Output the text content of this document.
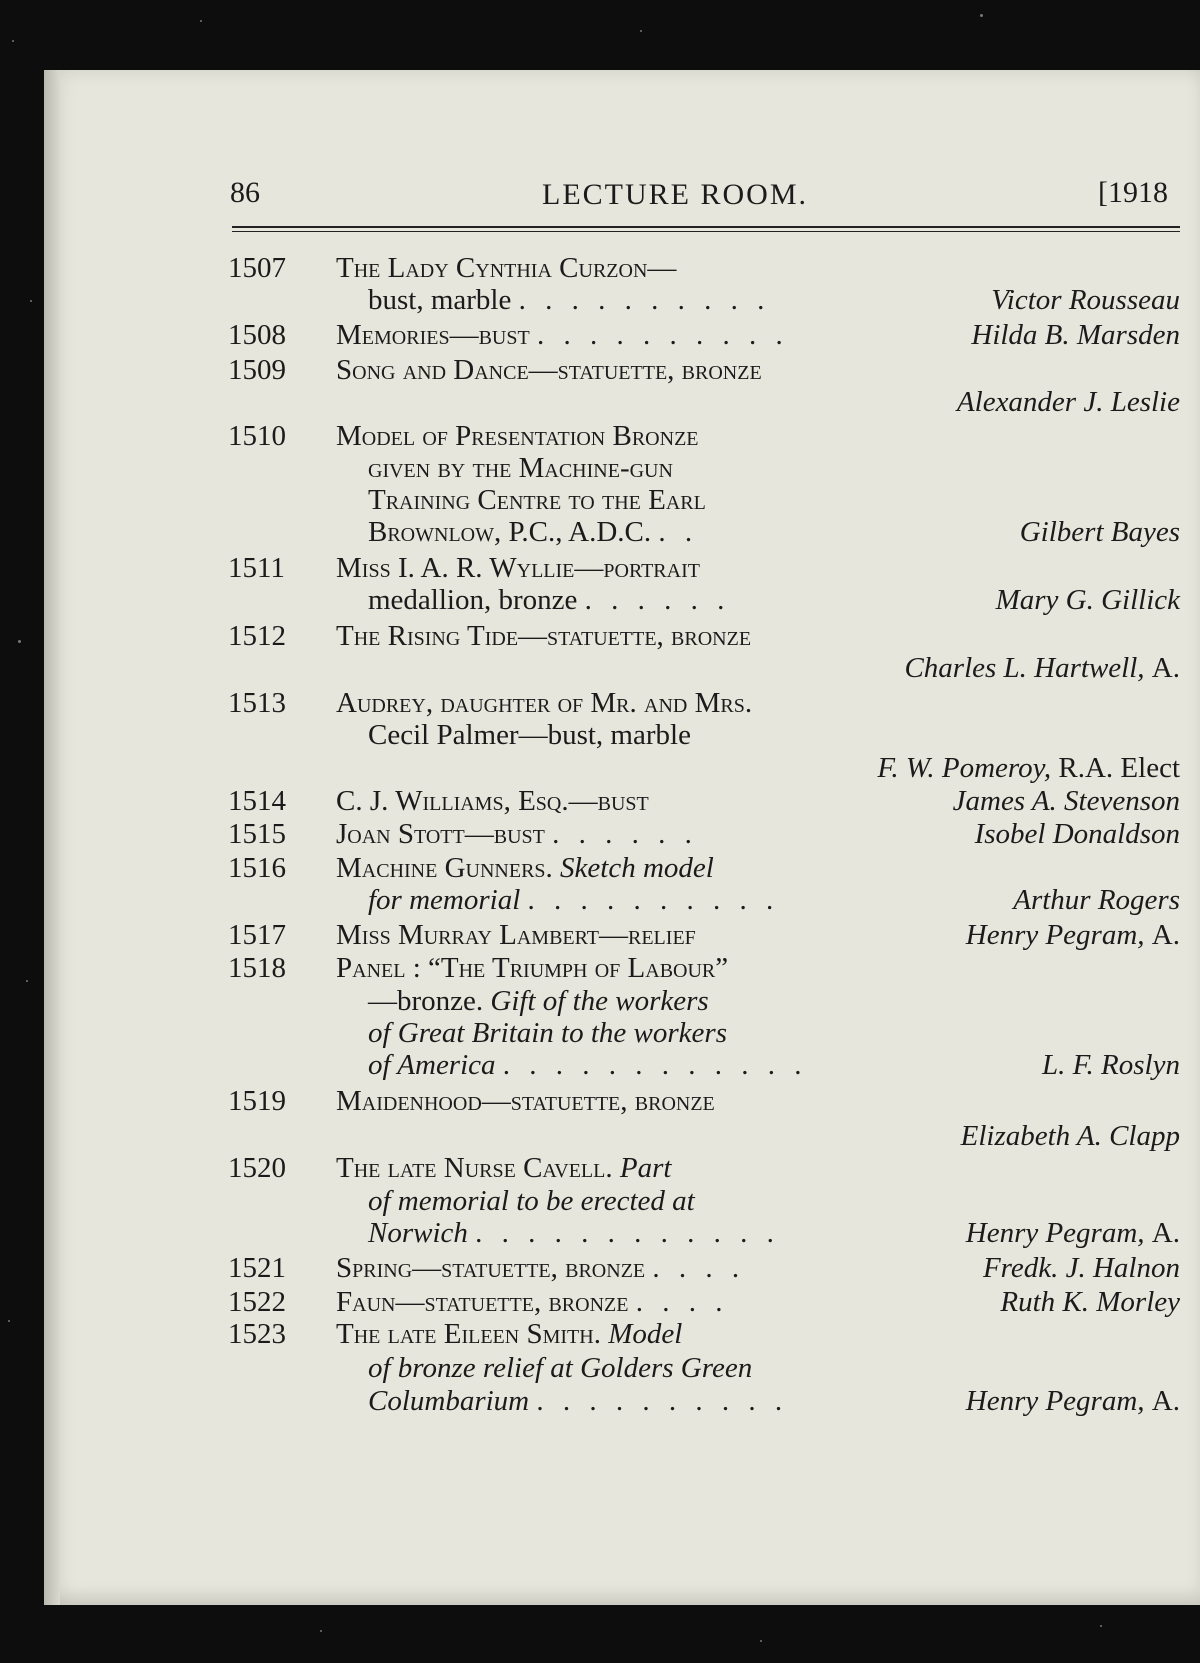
86	LECTURE ROOM.	[1918
1507 The Lady Cynthia Curzon—
bust, marble . . . . . . . . . .	Victor Rousseau
1508 Memories—bust . . . . . . . . . .	Hilda B. Marsden
1509 Song and Dance—statuette, bronze
Alexander J. Leslie
1510 Model of Presentation Bronze
given by the Machine-gun
Training Centre to the Earl
Brownlow, P.C., A.D.C. . .	Gilbert Bayes
1511 Miss I. A. R. Wyllie—portrait
medallion, bronze . . . . . .	Mary G. Gillick
1512 The Rising Tide—statuette, bronze
Charles L. Hartwell, A.
1513 Audrey, daughter of Mr. and Mrs.
Cecil Palmer—bust, marble
F. W. Pomeroy, R.A. Elect
1514 C. J. Williams, Esq.—bust	James A. Stevenson
1515 Joan Stott—bust . . . . . .	Isobel Donaldson
1516 Machine Gunners. Sketch model
for memorial . . . . . . . . . .	Arthur Rogers
1517 Miss Murray Lambert—relief	Henry Pegram, A.
1518 Panel : “The Triumph of Labour”
—bronze. Gift of the workers
of Great Britain to the workers
of America . . . . . . . . . . . .	L. F. Roslyn
1519 Maidenhood—statuette, bronze
Elizabeth A. Clapp
1520 The late Nurse Cavell. Part
of memorial to be erected at
Norwich . . . . . . . . . . . .	Henry Pegram, A.
1521 Spring—statuette, bronze . . . .	Fredk. J. Halnon
1522 Faun—statuette, bronze . . . .	Ruth K. Morley
1523 The late Eileen Smith. Model
of bronze relief at Golders Green
Columbarium . . . . . . . . . .	Henry Pegram, A.
